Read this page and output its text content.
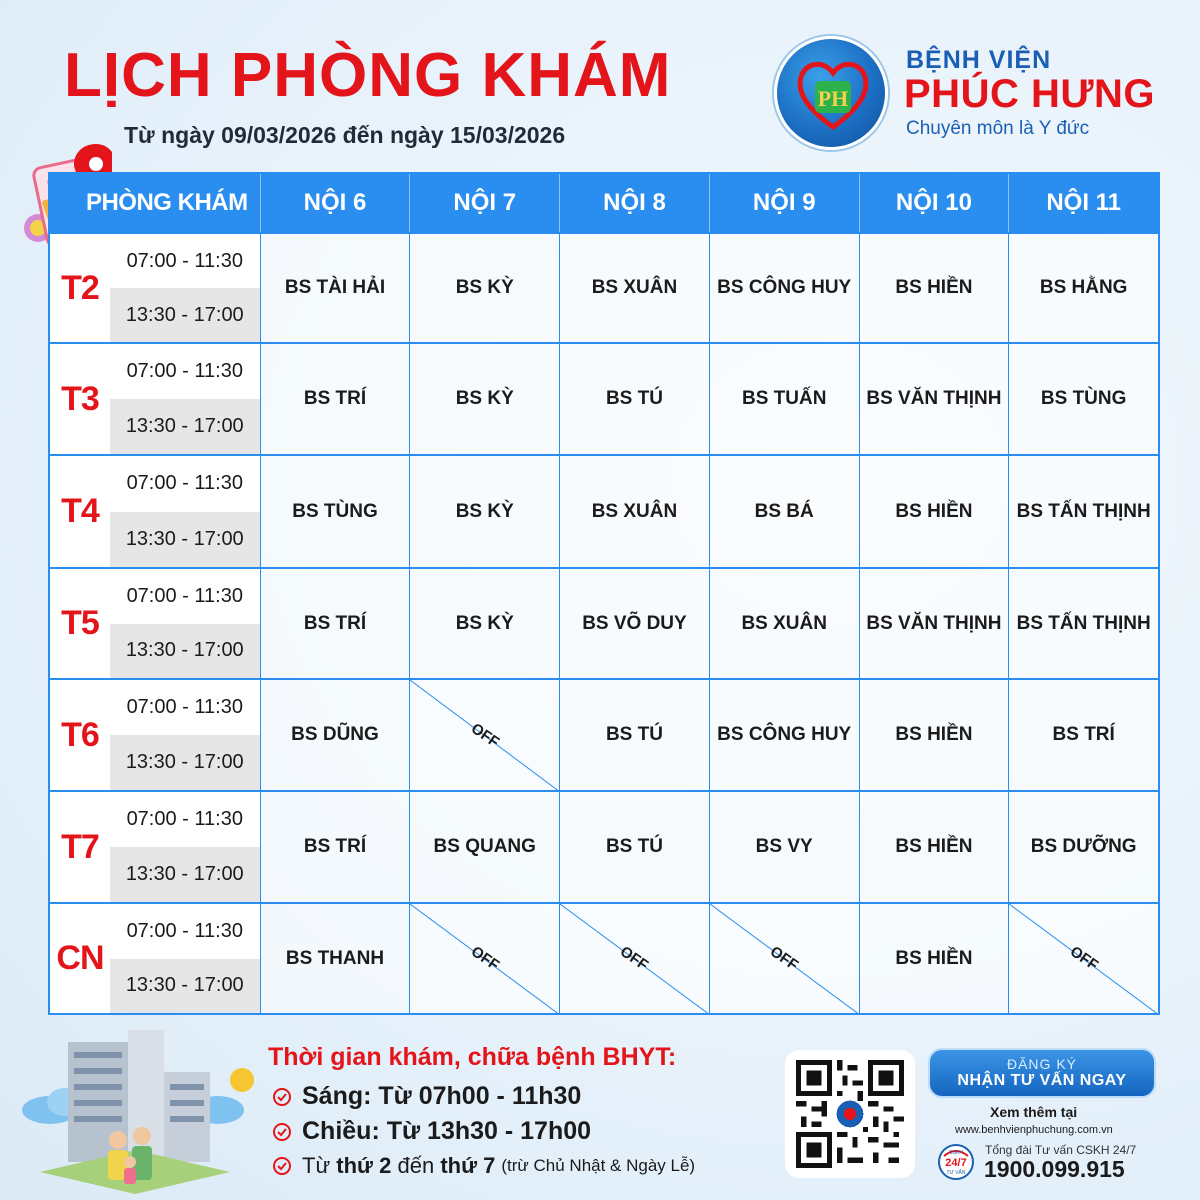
LỊCH PHÒNG KHÁM
Từ ngày 09/03/2026 đến ngày 15/03/2026
PH
BỆNH VIỆN
PHÚC HƯNG
Chuyên môn là Y đức
PHÒNG KHÁM	NỘI 6	NỘI 7	NỘI 8	NỘI 9	NỘI 10	NỘI 11
T2
07:00 - 11:30
13:30 - 17:00
BS TÀI HẢI	BS KỲ	BS XUÂN	BS CÔNG HUY	BS HIỀN	BS HẰNG
T3
07:00 - 11:30
13:30 - 17:00
BS TRÍ	BS KỲ	BS TÚ	BS TUẤN	BS VĂN THỊNH	BS TÙNG
T4
07:00 - 11:30
13:30 - 17:00
BS TÙNG	BS KỲ	BS XUÂN	BS BÁ	BS HIỀN	BS TẤN THỊNH
T5
07:00 - 11:30
13:30 - 17:00
BS TRÍ	BS KỲ	BS VÕ DUY	BS XUÂN	BS VĂN THỊNH BS TẤN THỊNH
T6
07:00 - 11:30
13:30 - 17:00
BS DŨNG	OFF	BS TÚ	BS CÔNG HUY	BS HIỀN	BS TRÍ
T7
07:00 - 11:30
13:30 - 17:00
BS TRÍ	BS QUANG	BS TÚ	BS VY	BS HIỀN	BS DƯỠNG
CN
07:00 - 11:30
13:30 - 17:00
BS THANH	OFF	OFF	OFF	BS HIỀN	OFF
Thời gian khám, chữa bệnh BHYT:
Sáng: Từ 07h00 - 11h30
Chiều: Từ 13h30 - 17h00
Từ
thứ 2
đến
thứ 7 (trừ Chủ Nhật & Ngày Lễ)
ĐĂNG KÝ
NHẬN TƯ VẤN NGAY
Xem thêm tại
www.benhvienphuchung.com.vn
CSKH
24/7
TƯ VẤN
Tổng đài Tư vấn CSKH 24/7
1900.099.915
